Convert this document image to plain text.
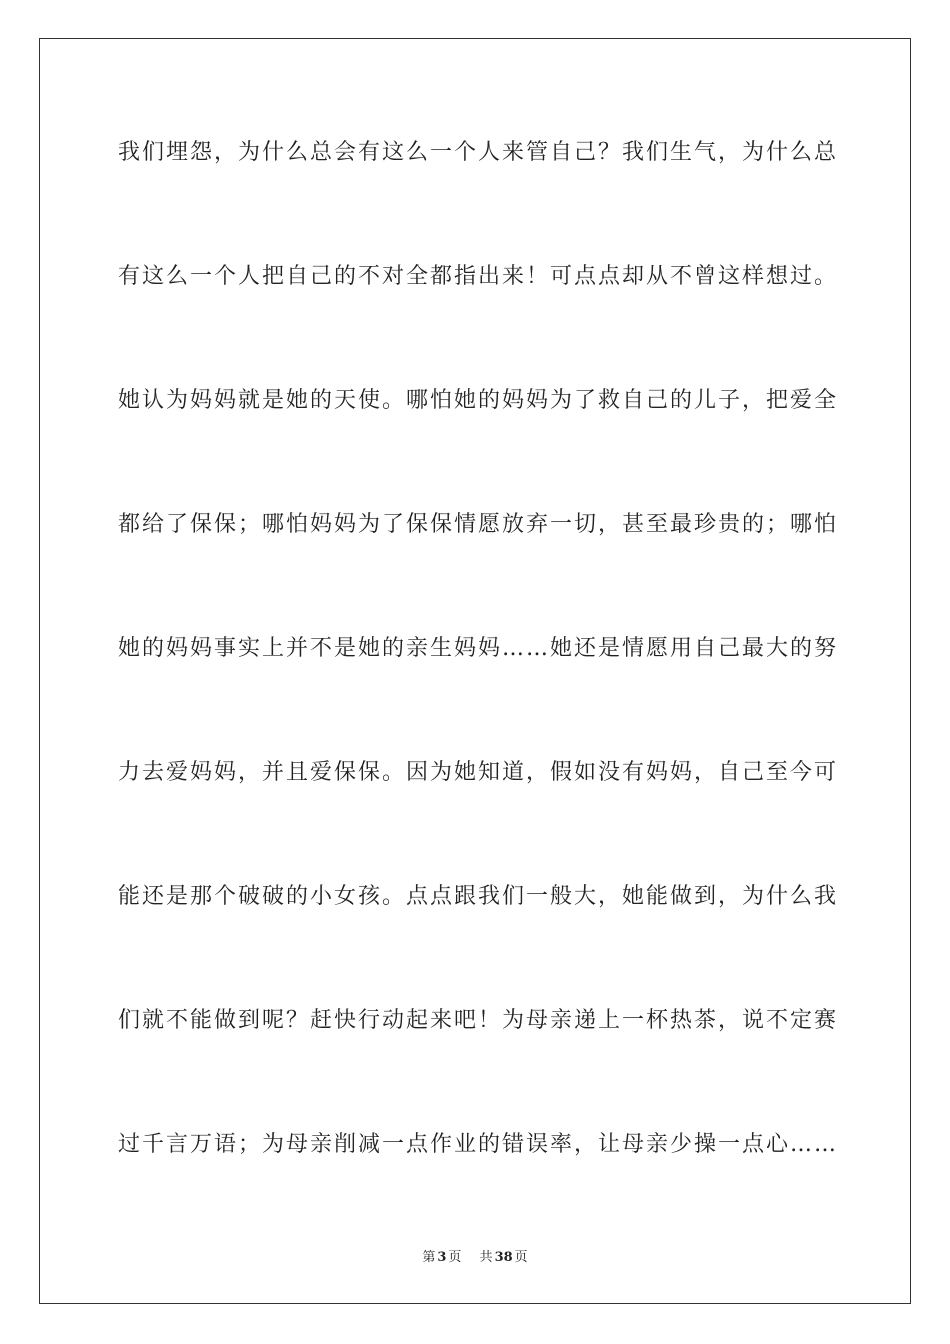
我们埋怨，为什么总会有这么一个人来管自己？我们生气，为什么总
有这么一个人把自己的不对全都指出来！可点点却从不曾这样想过。
她认为妈妈就是她的天使。哪怕她的妈妈为了救自己的儿子，把爱全
都给了保保；哪怕妈妈为了保保情愿放弃一切，甚至最珍贵的；哪怕
她的妈妈事实上并不是她的亲生妈妈……她还是情愿用自己最大的努
力去爱妈妈，并且爱保保。因为她知道，假如没有妈妈，自己至今可
能还是那个破破的小女孩。点点跟我们一般大，她能做到，为什么我
们就不能做到呢？赶快行动起来吧！为母亲递上一杯热茶，说不定赛
过千言万语；为母亲削减一点作业的错误率，让母亲少操一点心……
第 3 页 共 38 页
